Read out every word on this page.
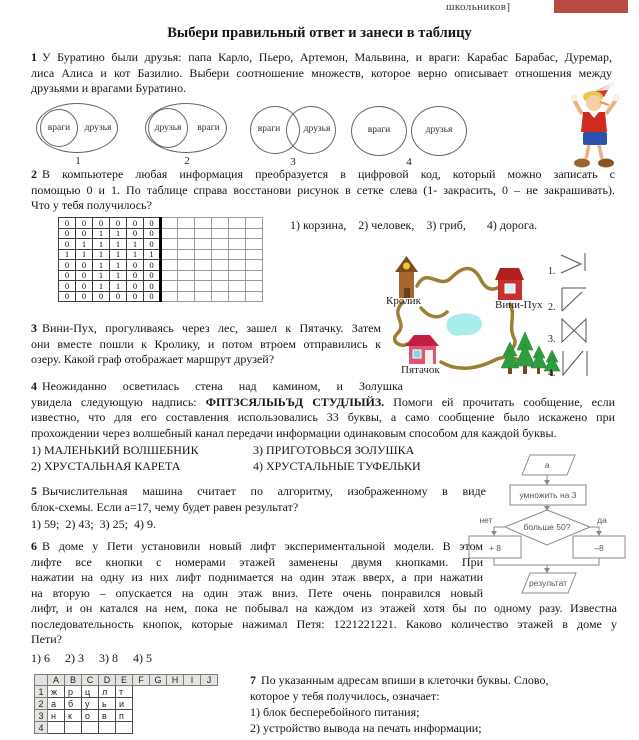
школьников]
Выбери правильный ответ и занеси в таблицу
1 У Буратино были друзья: папа Карло, Пьеро, Артемон, Мальвина, и враги: Карабас Барабас, Дуремар,
лиса Алиса и кот Базилио. Выбери соотношение множеств, которое верно описывает отношения между
друзьями и врагами Буратино.
враги	друзья
1
друзья	враги
2
враги	друзья
3
враги	друзья
4
2 В компьютере любая информация преобразуется в цифровой код, который можно записать с
помощью 0 и 1. По таблице справа восстанови рисунок в сетке слева (1- закрасить, 0 – не закрашивать).
Что у тебя получилось?
0	0	0	0	0	0						
0	0	1	1	0	0						
0	1	1	1	1	0						
1	1	1	1	1	1						
0	0	1	1	0	0						
0	0	1	1	0	0						
0	0	1	1	0	0						
0	0	0	0	0	0						
1) корзина,    2) человек,    3) гриб,       4) дорога.
Кролик	Вини-Пух
Пятачок
1.
2.
3.
4.
3 Вини-Пух, прогуливаясь через лес, зашел к Пятачку. Затем
они вместе пошли к Кролику, и потом втроем отправились к
озеру. Какой граф отображает маршрут друзей?
4 Неожиданно осветилась стена над камином, и Золушка
увидела следующую надпись: ФПТЗСЯЛЫЬЪД СТУДЛЫЙЗ. Помоги ей прочитать сообщение, если
известно, что для его составления использовались 33 буквы, а само сообщение было искажено при
прохождении через волшебный канал передачи информации одинаковым способом для каждой буквы.
1) МАЛЕНЬКИЙ ВОЛШЕБНИК	3) ПРИГОТОВЬСЯ ЗОЛУШКА
2) ХРУСТАЛЬНАЯ КАРЕТА	4) ХРУСТАЛЬНЫЕ ТУФЕЛЬКИ	а
умножить на 3
больше 50?
нет	да
+ 8	–8
результат
5 Вычислительная машина считает по алгоритму, изображенному в виде
блок-схемы. Если а=17, чему будет равен результат?
1) 59;  2) 43;  3) 25;  4) 9.
6 В доме у Пети установили новый лифт экспериментальной модели. В этом
лифте все кнопки с номерами этажей заменены двумя кнопками. При
нажатии на одну из них лифт поднимается на один этаж вверх, а при нажатии
на вторую – опускается на один этаж вниз. Пете очень понравился новый
лифт, и он катался на нем, пока не побывал на каждом из этажей хотя бы по одному разу. Известна
последовательность кнопок, которые нажимал Петя: 1221221221. Каково количество этажей в доме у
Пети?
1) 6     2) 3     3) 8     4) 5
	A	B	C	D	E	F	G	H	I	J
1	ж	р	ц	л	т					
2	а	б	у	ь	и					
3	н	к	о	в	п					
4										
7 По указанным адресам впиши в клеточки буквы. Слово,
которое у тебя получилось, означает:
1) блок бесперебойного питания;
2) устройство вывода на печать информации;
